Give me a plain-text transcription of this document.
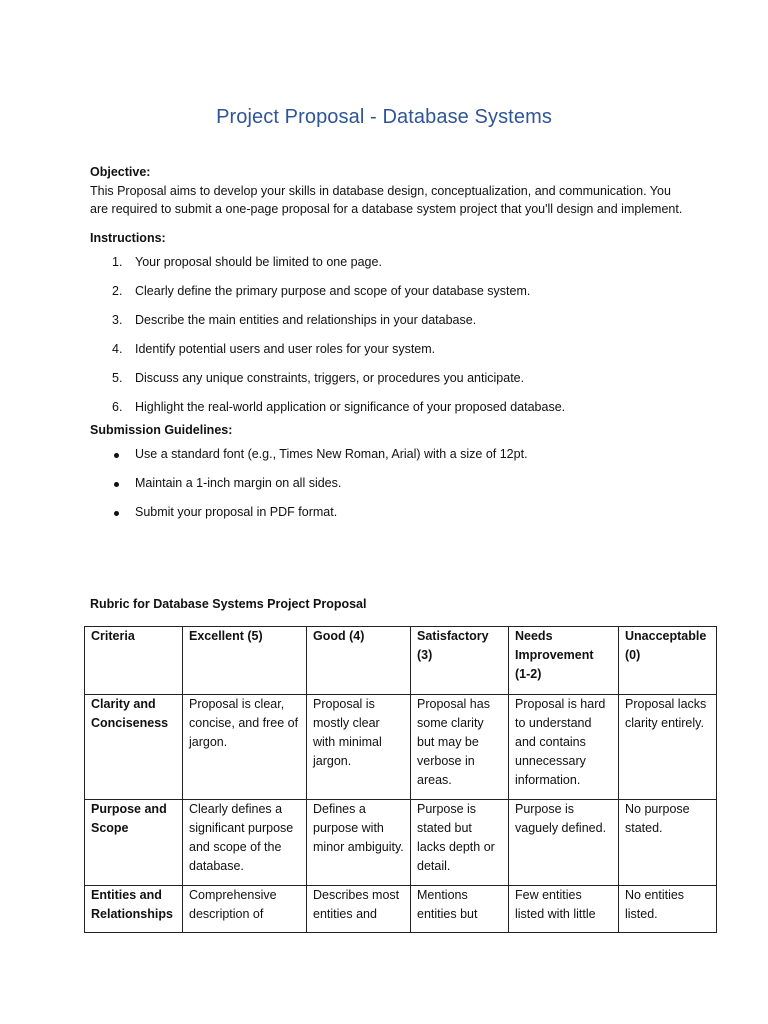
Project Proposal - Database Systems

Objective:

This Proposal aims to develop your skills in database design, conceptualization, and communication. You are required to submit a one-page proposal for a database system project that you'll design and implement.

Instructions:

1. Your proposal should be limited to one page.
2. Clearly define the primary purpose and scope of your database system.
3. Describe the main entities and relationships in your database.
4. Identify potential users and user roles for your system.
5. Discuss any unique constraints, triggers, or procedures you anticipate.
6. Highlight the real-world application or significance of your proposed database.

Submission Guidelines:

Use a standard font (e.g., Times New Roman, Arial) with a size of 12pt.
Maintain a 1-inch margin on all sides.
Submit your proposal in PDF format.
Rubric for Database Systems Project Proposal
Criteria	Excellent (5)	Good (4)	Satisfactory (3)	Needs Improvement (1-2)	Unacceptable (0)
Clarity and Conciseness	Proposal is clear, concise, and free of jargon.	Proposal is mostly clear with minimal jargon.	Proposal has some clarity but may be verbose in areas.	Proposal is hard to understand and contains unnecessary information.	Proposal lacks clarity entirely.
Purpose and Scope	Clearly defines a significant purpose and scope of the database.	Defines a purpose with minor ambiguity.	Purpose is stated but lacks depth or detail.	Purpose is vaguely defined.	No purpose stated.
Entities and Relationships	Comprehensive description of	Describes most entities and	Mentions entities but	Few entities listed with little	No entities listed.
